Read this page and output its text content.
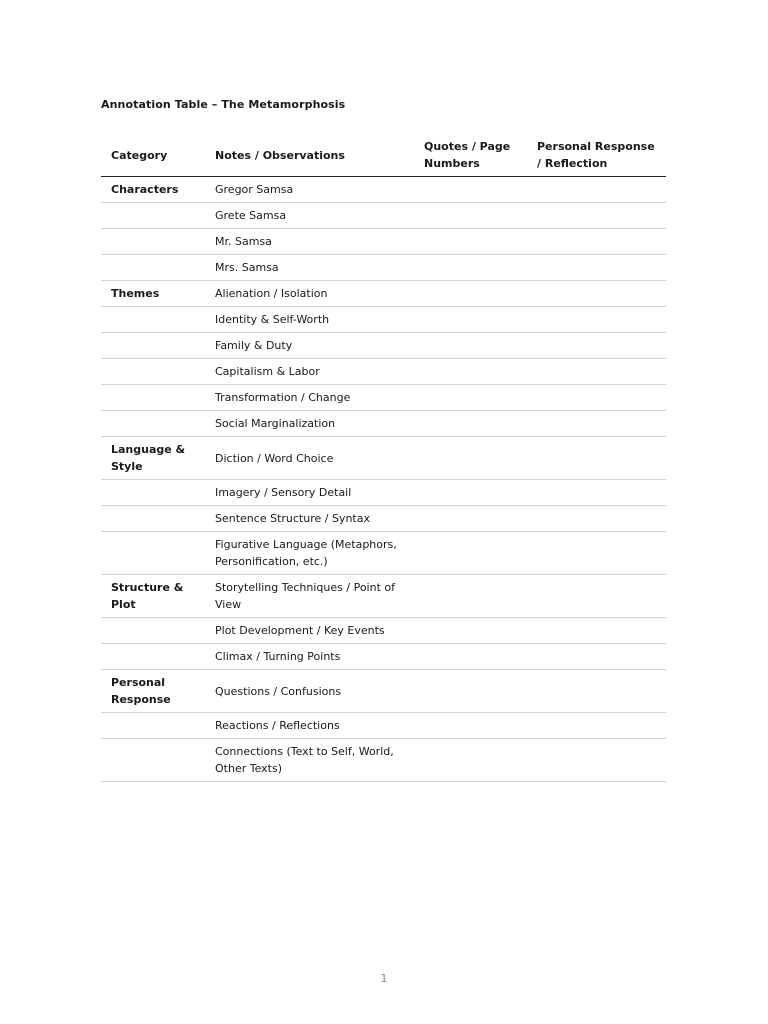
Annotation Table – The Metamorphosis
Category	Notes / Observations	Quotes / Page Numbers	Personal Response / Reflection
Characters	Gregor Samsa		
	Grete Samsa		
	Mr. Samsa		
	Mrs. Samsa		
Themes	Alienation / Isolation		
	Identity & Self-Worth		
	Family & Duty		
	Capitalism & Labor		
	Transformation / Change		
	Social Marginalization		
Language & Style	Diction / Word Choice		
	Imagery / Sensory Detail		
	Sentence Structure / Syntax		
	Figurative Language (Metaphors, Personification, etc.)		
Structure & Plot	Storytelling Techniques / Point of View		
	Plot Development / Key Events		
	Climax / Turning Points		
Personal Response	Questions / Confusions		
	Reactions / Reflections		
	Connections (Text to Self, World, Other Texts)		
1
